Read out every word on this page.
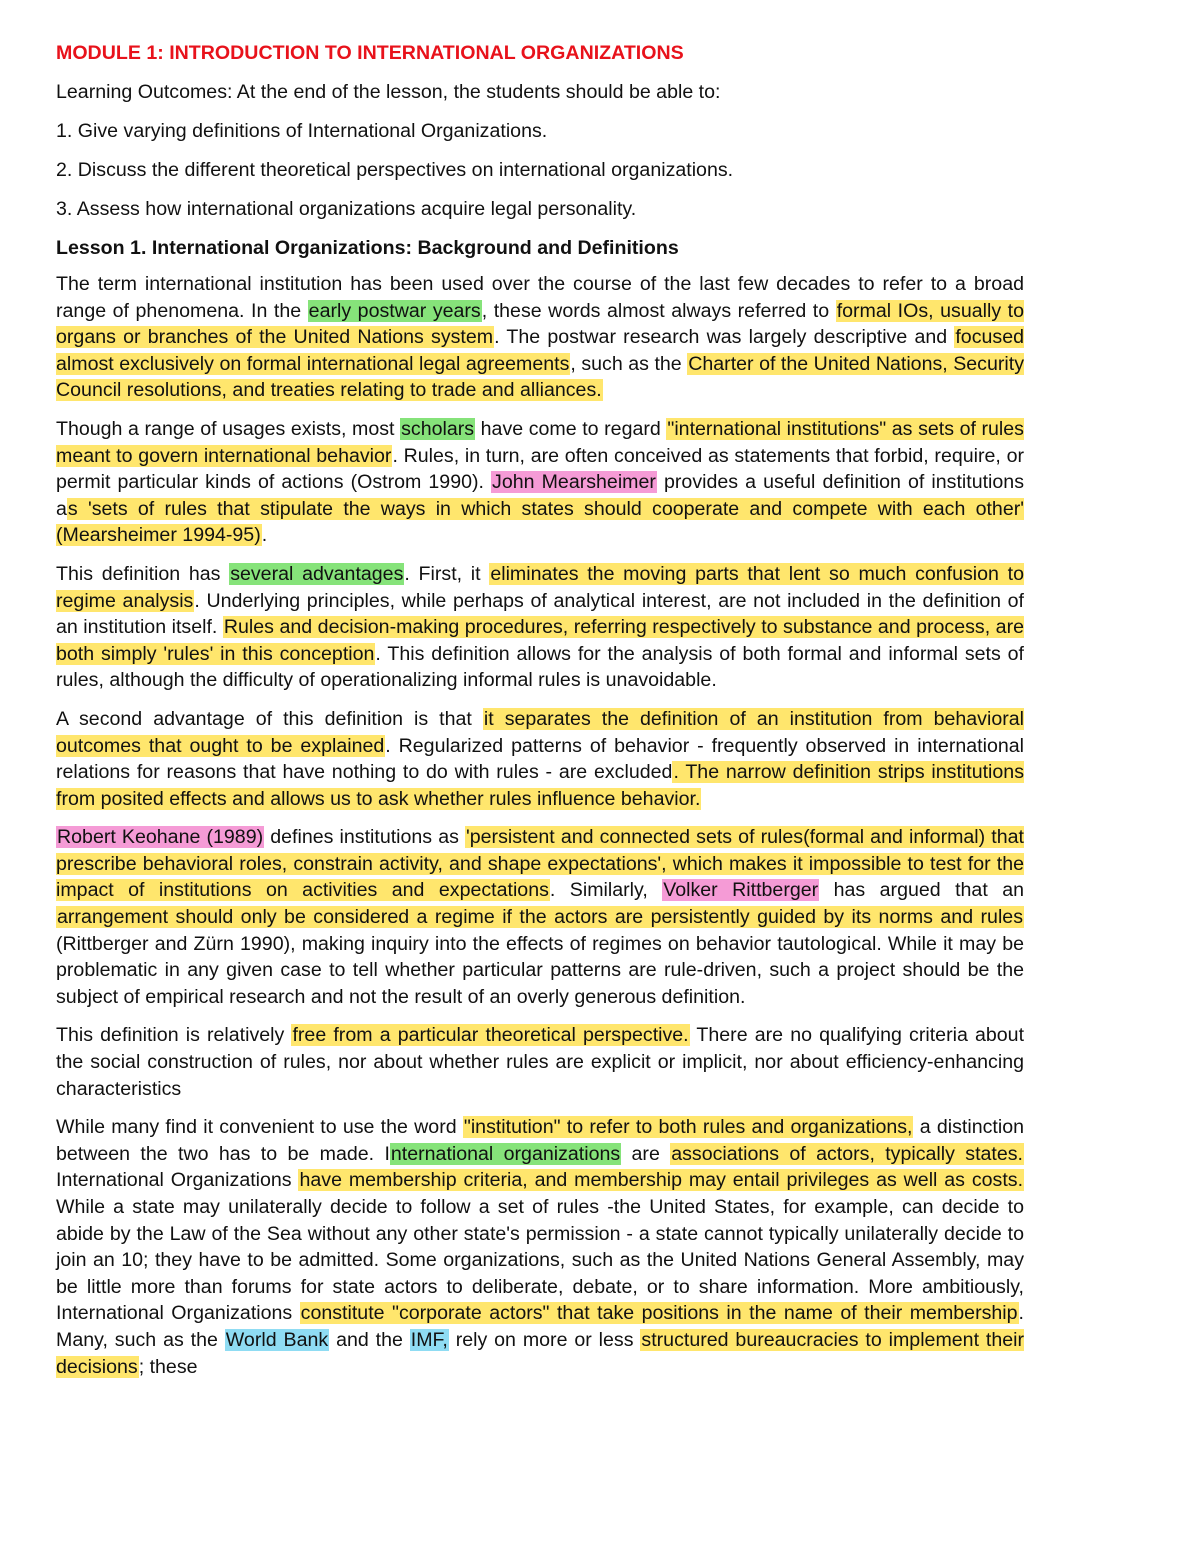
MODULE 1: INTRODUCTION TO INTERNATIONAL ORGANIZATIONS
Learning Outcomes: At the end of the lesson, the students should be able to:
1. Give varying definitions of International Organizations.
2. Discuss the different theoretical perspectives on international organizations.
3. Assess how international organizations acquire legal personality.
Lesson 1. International Organizations: Background and Definitions

The term international institution has been used over the course of the last few decades to refer to a broad range of phenomena. In the early postwar years, these words almost always referred to formal IOs, usually to organs or branches of the United Nations system. The postwar research was largely descriptive and focused almost exclusively on formal international legal agreements, such as the Charter of the United Nations, Security Council resolutions, and treaties relating to trade and alliances.

Though a range of usages exists, most scholars have come to regard "international institutions" as sets of rules meant to govern international behavior. Rules, in turn, are often conceived as statements that forbid, require, or permit particular kinds of actions (Ostrom 1990). John Mearsheimer provides a useful definition of institutions as 'sets of rules that stipulate the ways in which states should cooperate and compete with each other' (Mearsheimer 1994-95).

This definition has several advantages. First, it eliminates the moving parts that lent so much confusion to regime analysis. Underlying principles, while perhaps of analytical interest, are not included in the definition of an institution itself. Rules and decision-making procedures, referring respectively to substance and process, are both simply 'rules' in this conception. This definition allows for the analysis of both formal and informal sets of rules, although the difficulty of operationalizing informal rules is unavoidable.

A second advantage of this definition is that it separates the definition of an institution from behavioral outcomes that ought to be explained. Regularized patterns of behavior - frequently observed in international relations for reasons that have nothing to do with rules - are excluded. The narrow definition strips institutions from posited effects and allows us to ask whether rules influence behavior.

Robert Keohane (1989) defines institutions as 'persistent and connected sets of rules(formal and informal) that prescribe behavioral roles, constrain activity, and shape expectations', which makes it impossible to test for the impact of institutions on activities and expectations. Similarly, Volker Rittberger has argued that an arrangement should only be considered a regime if the actors are persistently guided by its norms and rules (Rittberger and Zürn 1990), making inquiry into the effects of regimes on behavior tautological. While it may be problematic in any given case to tell whether particular patterns are rule-driven, such a project should be the subject of empirical research and not the result of an overly generous definition.

This definition is relatively free from a particular theoretical perspective. There are no qualifying criteria about the social construction of rules, nor about whether rules are explicit or implicit, nor about efficiency-enhancing characteristics

While many find it convenient to use the word "institution" to refer to both rules and organizations, a distinction between the two has to be made. International organizations are associations of actors, typically states. International Organizations have membership criteria, and membership may entail privileges as well as costs. While a state may unilaterally decide to follow a set of rules -the United States, for example, can decide to abide by the Law of the Sea without any other state's permission - a state cannot typically unilaterally decide to join an 10; they have to be admitted. Some organizations, such as the United Nations General Assembly, may be little more than forums for state actors to deliberate, debate, or to share information. More ambitiously, International Organizations constitute "corporate actors" that take positions in the name of their membership. Many, such as the World Bank and the IMF, rely on more or less structured bureaucracies to implement their decisions; these
